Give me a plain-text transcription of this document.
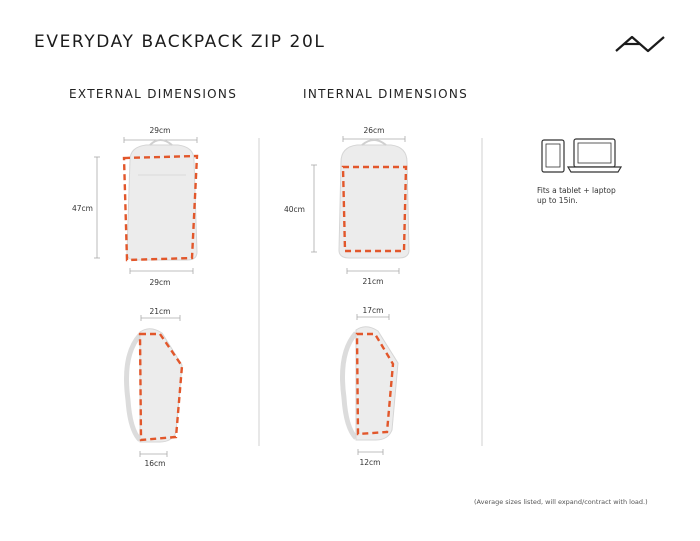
EVERYDAY BACKPACK ZIP 20L
EXTERNAL DIMENSIONS	INTERNAL DIMENSIONS
29cm
47cm
29cm
21cm
16cm
26cm
40cm
21cm
17cm
12cm
Fits a tablet + laptop
up to 15in.
(Average sizes listed, will expand/contract with load.)
